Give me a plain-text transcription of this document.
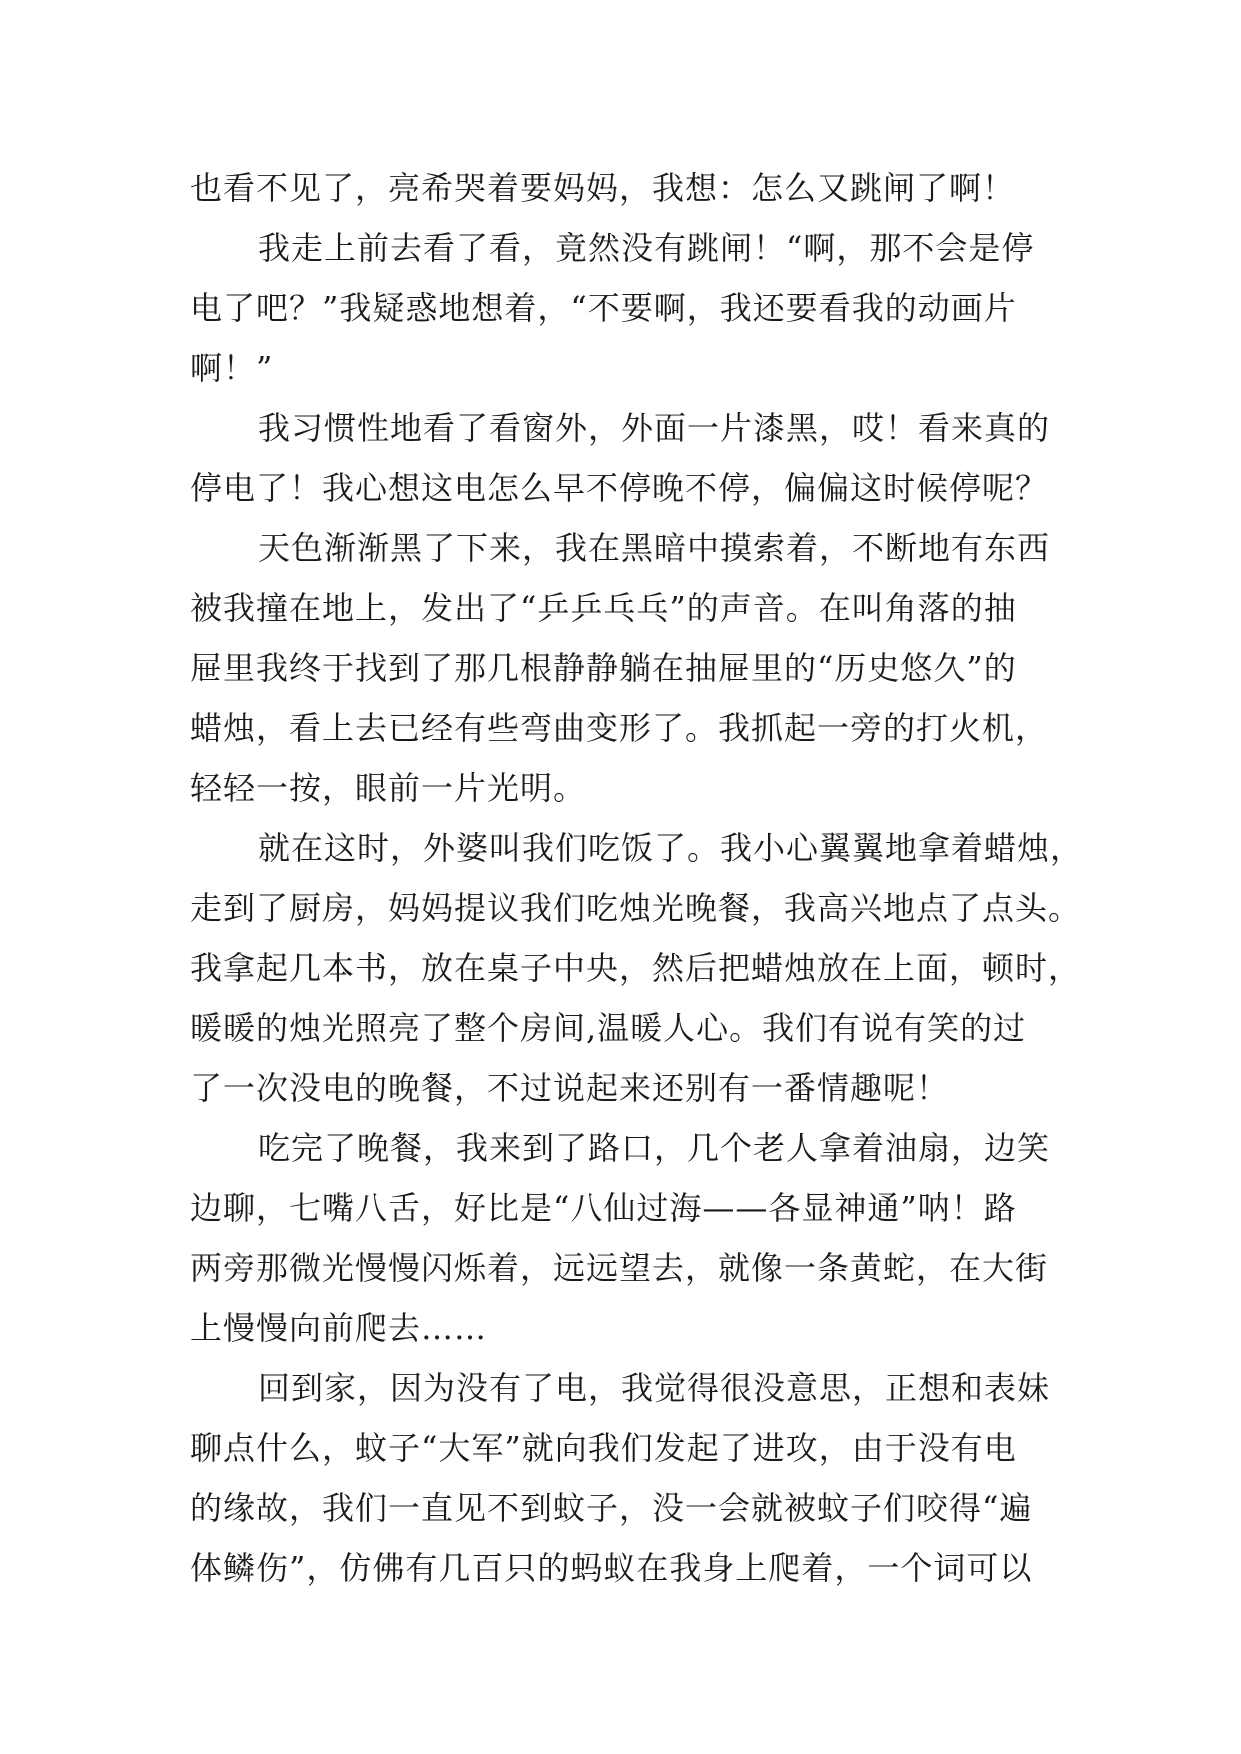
也看不见了，亮希哭着要妈妈，我想：怎么又跳闸了啊！
我走上前去看了看，竟然没有跳闸！“啊，那不会是停
电了吧？”我疑惑地想着，“不要啊，我还要看我的动画片
啊！”
我习惯性地看了看窗外，外面一片漆黑，哎！看来真的
停电了！我心想这电怎么早不停晚不停，偏偏这时候停呢？
天色渐渐黑了下来，我在黑暗中摸索着，不断地有东西
被我撞在地上，发出了“乒乒乓乓”的声音。在叫角落的抽
屉里我终于找到了那几根静静躺在抽屉里的“历史悠久”的
蜡烛，看上去已经有些弯曲变形了。我抓起一旁的打火机，
轻轻一按，眼前一片光明。
就在这时，外婆叫我们吃饭了。我小心翼翼地拿着蜡烛，
走到了厨房，妈妈提议我们吃烛光晚餐，我高兴地点了点头。
我拿起几本书，放在桌子中央，然后把蜡烛放在上面，顿时，
暖暖的烛光照亮了整个房间,温暖人心。我们有说有笑的过
了一次没电的晚餐，不过说起来还别有一番情趣呢！
吃完了晚餐，我来到了路口，几个老人拿着油扇，边笑
边聊，七嘴八舌，好比是“八仙过海——各显神通”呐！路
两旁那微光慢慢闪烁着，远远望去，就像一条黄蛇，在大街
上慢慢向前爬去……
回到家，因为没有了电，我觉得很没意思，正想和表妹
聊点什么，蚊子“大军”就向我们发起了进攻，由于没有电
的缘故，我们一直见不到蚊子，没一会就被蚊子们咬得“遍
体鳞伤”，仿佛有几百只的蚂蚁在我身上爬着，一个词可以
